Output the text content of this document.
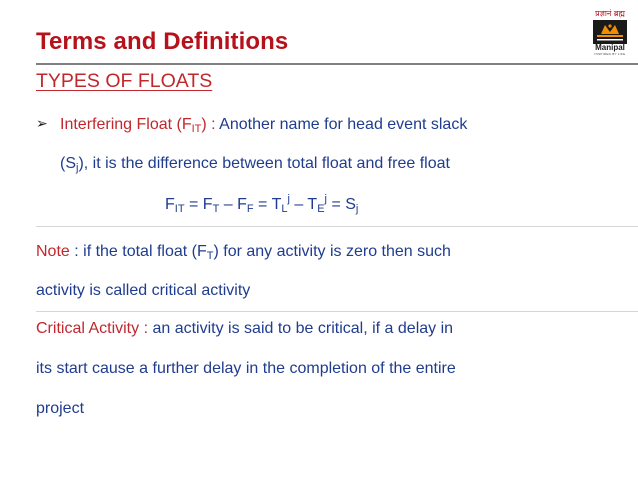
Terms and Definitions
प्रज्ञानं ब्रह्म
Manipal
INSPIRED BY LIFE
TYPES OF FLOATS
➢ Interfering Float $(F_{IT})$ : Another name for head event slack
$(S_j)$, it is the difference between total float and free float
$F_{IT} = F_T - F_F = T_L^j - T_E^j = S_j$
Note : if the total float $(F_T)$ for any activity is zero then such
activity is called critical activity
Critical Activity : an activity is said to be critical, if a delay in
its start cause a further delay in the completion of the entire
project
